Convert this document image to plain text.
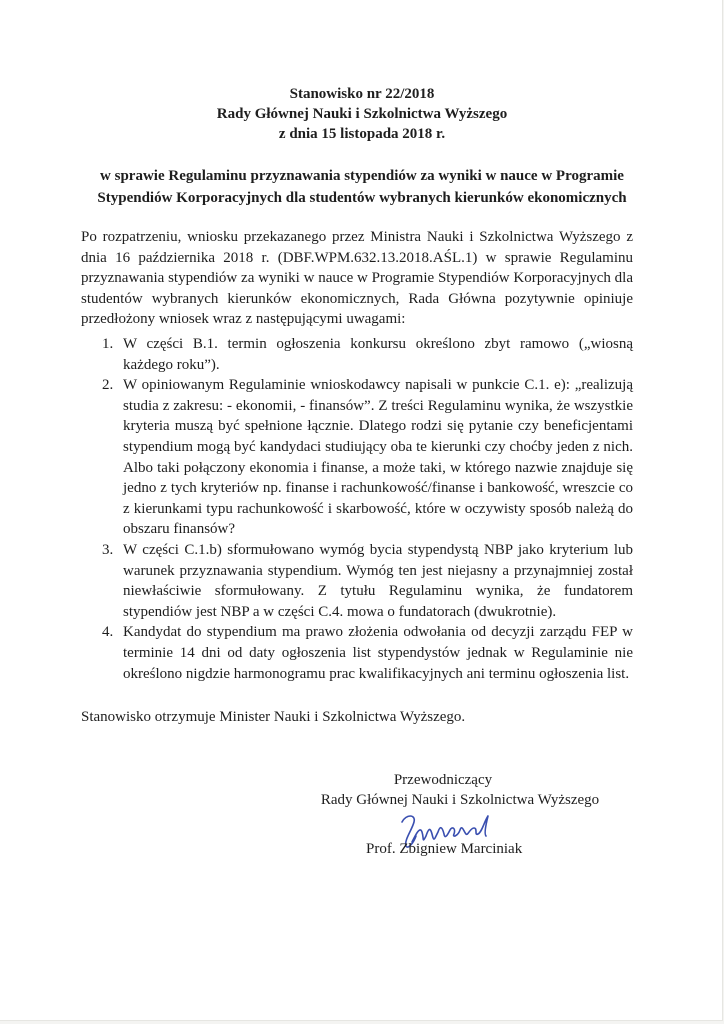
Stanowisko nr 22/2018
Rady Głównej Nauki i Szkolnictwa Wyższego
z dnia 15 listopada 2018 r.
w sprawie Regulaminu przyznawania stypendiów za wyniki w nauce w Programie
Stypendiów Korporacyjnych dla studentów wybranych kierunków ekonomicznych

Po rozpatrzeniu, wniosku przekazanego przez Ministra Nauki i Szkolnictwa Wyższego z dnia 16 października 2018 r. (DBF.WPM.632.13.2018.AŚL.1) w sprawie Regulaminu przyznawania stypendiów za wyniki w nauce w Programie Stypendiów Korporacyjnych dla studentów wybranych kierunków ekonomicznych, Rada Główna pozytywnie opiniuje przedłożony wniosek wraz z następującymi uwagami:

1. W części B.1. termin ogłoszenia konkursu określono zbyt ramowo („wiosną każdego roku”).
2. W opiniowanym Regulaminie wnioskodawcy napisali w punkcie C.1. e): „realizują studia z zakresu: - ekonomii, - finansów”. Z treści Regulaminu wynika, że wszystkie kryteria muszą być spełnione łącznie. Dlatego rodzi się pytanie czy beneficjentami stypendium mogą być kandydaci studiujący oba te kierunki czy choćby jeden z nich. Albo taki połączony ekonomia i finanse, a może taki, w którego nazwie znajduje się jedno z tych kryteriów np. finanse i rachunkowość/finanse i bankowość, wreszcie co z kierunkami typu rachunkowość i skarbowość, które w oczywisty sposób należą do obszaru finansów?
3. W części C.1.b) sformułowano wymóg bycia stypendystą NBP jako kryterium lub warunek przyznawania stypendium. Wymóg ten jest niejasny a przynajmniej został niewłaściwie sformułowany. Z tytułu Regulaminu wynika, że fundatorem stypendiów jest NBP a w części C.4. mowa o fundatorach (dwukrotnie).
4. Kandydat do stypendium ma prawo złożenia odwołania od decyzji zarządu FEP w terminie 14 dni od daty ogłoszenia list stypendystów jednak w Regulaminie nie określono nigdzie harmonogramu prac kwalifikacyjnych ani terminu ogłoszenia list.
Stanowisko otrzymuje Minister Nauki i Szkolnictwa Wyższego.
Przewodniczący
Rady Głównej Nauki i Szkolnictwa Wyższego
Prof. Zbigniew Marciniak
